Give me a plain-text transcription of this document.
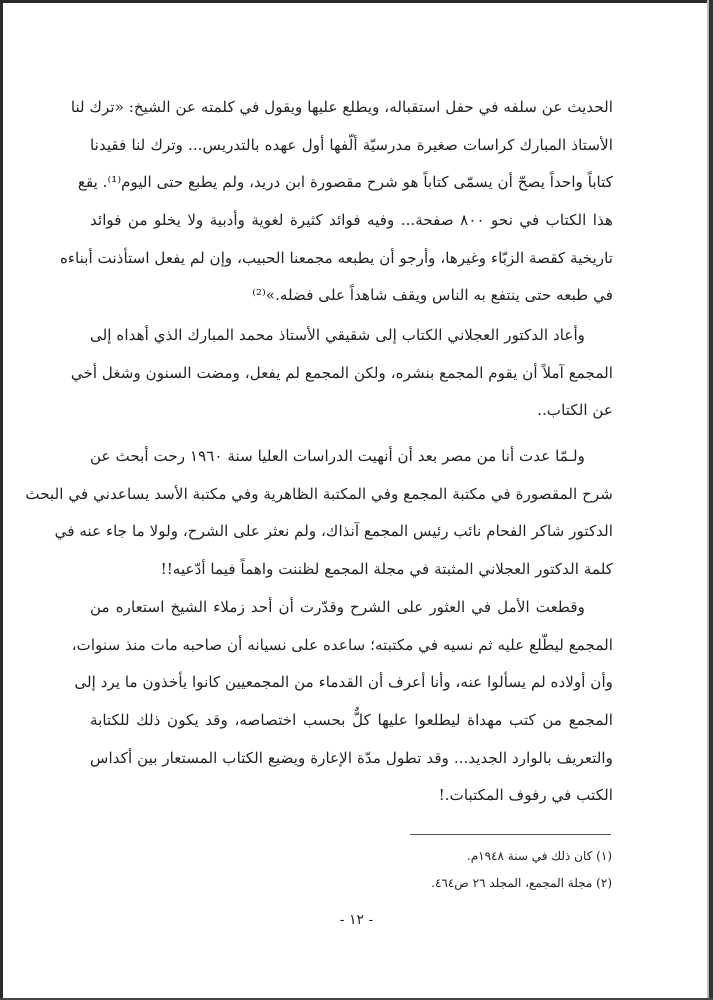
الحديث عن سلفه في حفل استقباله، ويطلع عليها ويقول في كلمته عن الشيخ: «ترك لنا
الأستاذ المبارك كراسات صغيرة مدرسيّة ألّفها أول عهده بالتدريس... وترك لنا فقيدنا
كتاباً واحداً يصحّ أن يسمّى كتاباً هو شرح مقصورة ابن دريد، ولم يطبع حتى اليوم⁽¹⁾. يقع
هذا الكتاب في نحو ٨٠٠ صفحة... وفيه فوائد كثيرة لغوية وأدبية ولا يخلو من فوائد
تاريخية كقصة الزبّاء وغيرها، وأرجو أن يطبعه مجمعنا الحبيب، وإن لم يفعل استأذنت أبناءه
في طبعه حتى ينتفع به الناس ويقف شاهداً على فضله.»⁽²⁾
وأعاد الدكتور العجلاني الكتاب إلى شقيقي الأستاذ محمد المبارك الذي أهداه إلى
المجمع آملاً أن يقوم المجمع بنشره، ولكن المجمع لم يفعل، ومضت السنون وشغل أخي
عن الكتاب..
ولـمّا عدت أنا من مصر بعد أن أنهيت الدراسات العليا سنة ١٩٦٠ رحت أبحث عن
شرح المقصورة في مكتبة المجمع وفي المكتبة الظاهرية وفي مكتبة الأسد يساعدني في البحث
الدكتور شاكر الفحام نائب رئيس المجمع آنذاك، ولم نعثر على الشرح، ولولا ما جاء عنه في
كلمة الدكتور العجلاني المثبتة في مجلة المجمع لظننت واهماً فيما أدّعيه!!
وقطعت الأمل في العثور على الشرح وقدّرت أن أحد زملاء الشيخ استعاره من
المجمع ليطّلع عليه ثم نسيه في مكتبته؛ ساعده على نسيانه أن صاحبه مات منذ سنوات،
وأن أولاده لم يسألوا عنه، وأنا أعرف أن القدماء من المجمعيين كانوا يأخذون ما يرد إلى
المجمع من كتب مهداة ليطلعوا عليها كلٌّ بحسب اختصاصه، وقد يكون ذلك للكتابة
والتعريف بالوارد الجديد... وقد تطول مدّة الإعارة ويضيع الكتاب المستعار بين أكداس
الكتب في رفوف المكتبات.!
(١) كان ذلك في سنة ١٩٤٨م.
(٢) مجلة المجمع، المجلد ٢٦ ص٤٦٤.
- ١٢ -
